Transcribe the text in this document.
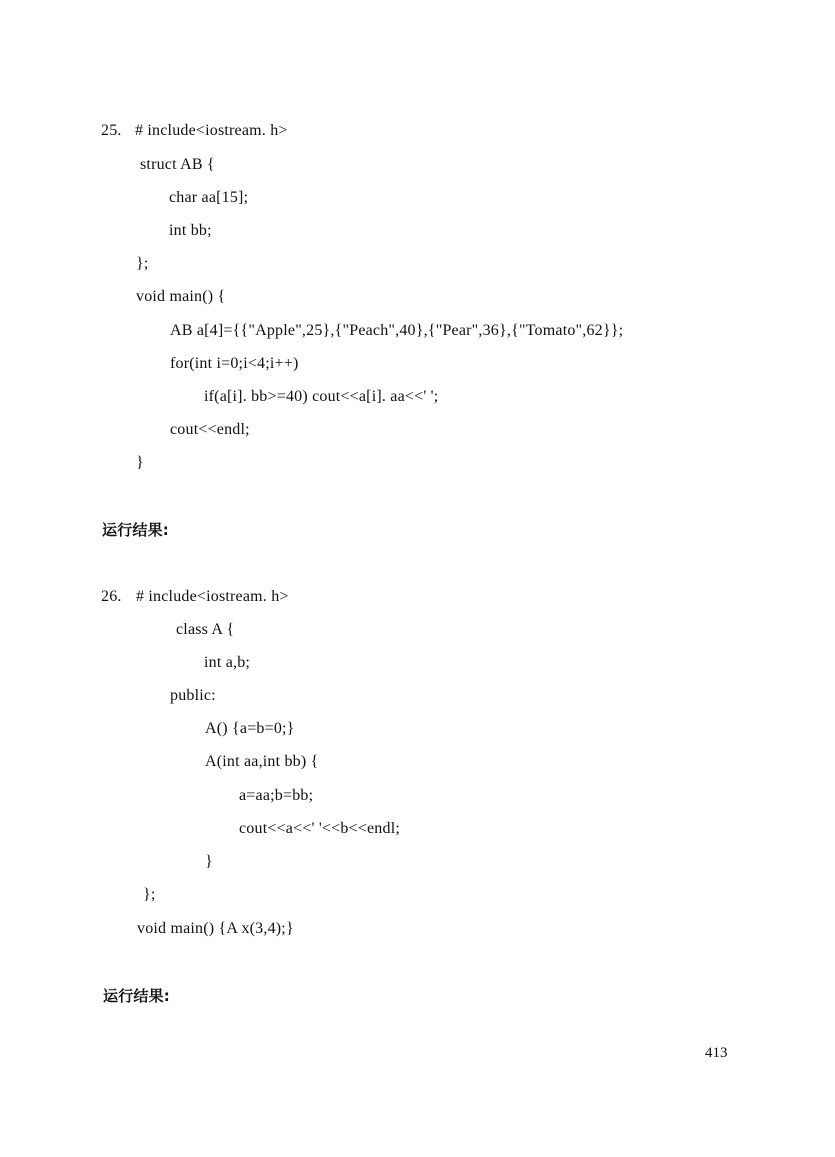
25. # include<iostream. h>
struct AB {
char aa[15];
int bb;
};
void main() {
AB a[4]={{"Apple",25},{"Peach",40},{"Pear",36},{"Tomato",62}};
for(int i=0;i<4;i++)
if(a[i]. bb>=40) cout<<a[i]. aa<<' ';
cout<<endl;
}
运行结果:
26. # include<iostream. h>
class A {
int a,b;
public:
A() {a=b=0;}
A(int aa,int bb) {
a=aa;b=bb;
cout<<a<<' '<<b<<endl;
}
};
void main() {A x(3,4);}
运行结果:
413
